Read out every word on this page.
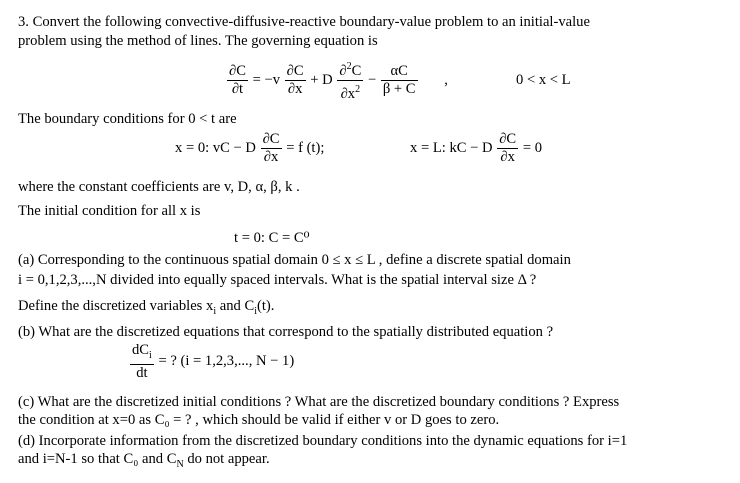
3. Convert the following convective-diffusive-reactive boundary-value problem to an initial-value
problem using the method of lines. The governing equation is
$\frac{\partial C}{\partial t} = -v \frac{\partial C}{\partial x} + D \frac{\partial^2C}{\partial x^2} - \frac{\alpha C}{\beta + C}$ ,	0 < x < L
The boundary conditions for 0 < t are
x = 0: vC − D $\frac{\partial C}{\partial x} = f$ (t);	x = L: kC − D $\frac{\partial C}{\partial x} = 0$
where the constant coefficients are v, D, α, β, k .
The initial condition for all x is
t = 0: C = C⁰
(a) Corresponding to the continuous spatial domain 0 ≤ x ≤ L , define a discrete spatial domain
i = 0,1,2,3,...,N divided into equally spaced intervals. What is the spatial interval size Δ ?
Define the discretized variables $x_i$ and $C_i(t)$.
(b) What are the discretized equations that correspond to the spatially distributed equation ?
$\frac{dC_i}{dt}$ = ? (i = 1,2,3,..., N − 1)
(c) What are the discretized initial conditions ? What are the discretized boundary conditions ? Express
the condition at x=0 as C₀ = ? , which should be valid if either v or D goes to zero.
(d) Incorporate information from the discretized boundary conditions into the dynamic equations for i=1
and i=N-1 so that C₀ and $C_N$ do not appear.
